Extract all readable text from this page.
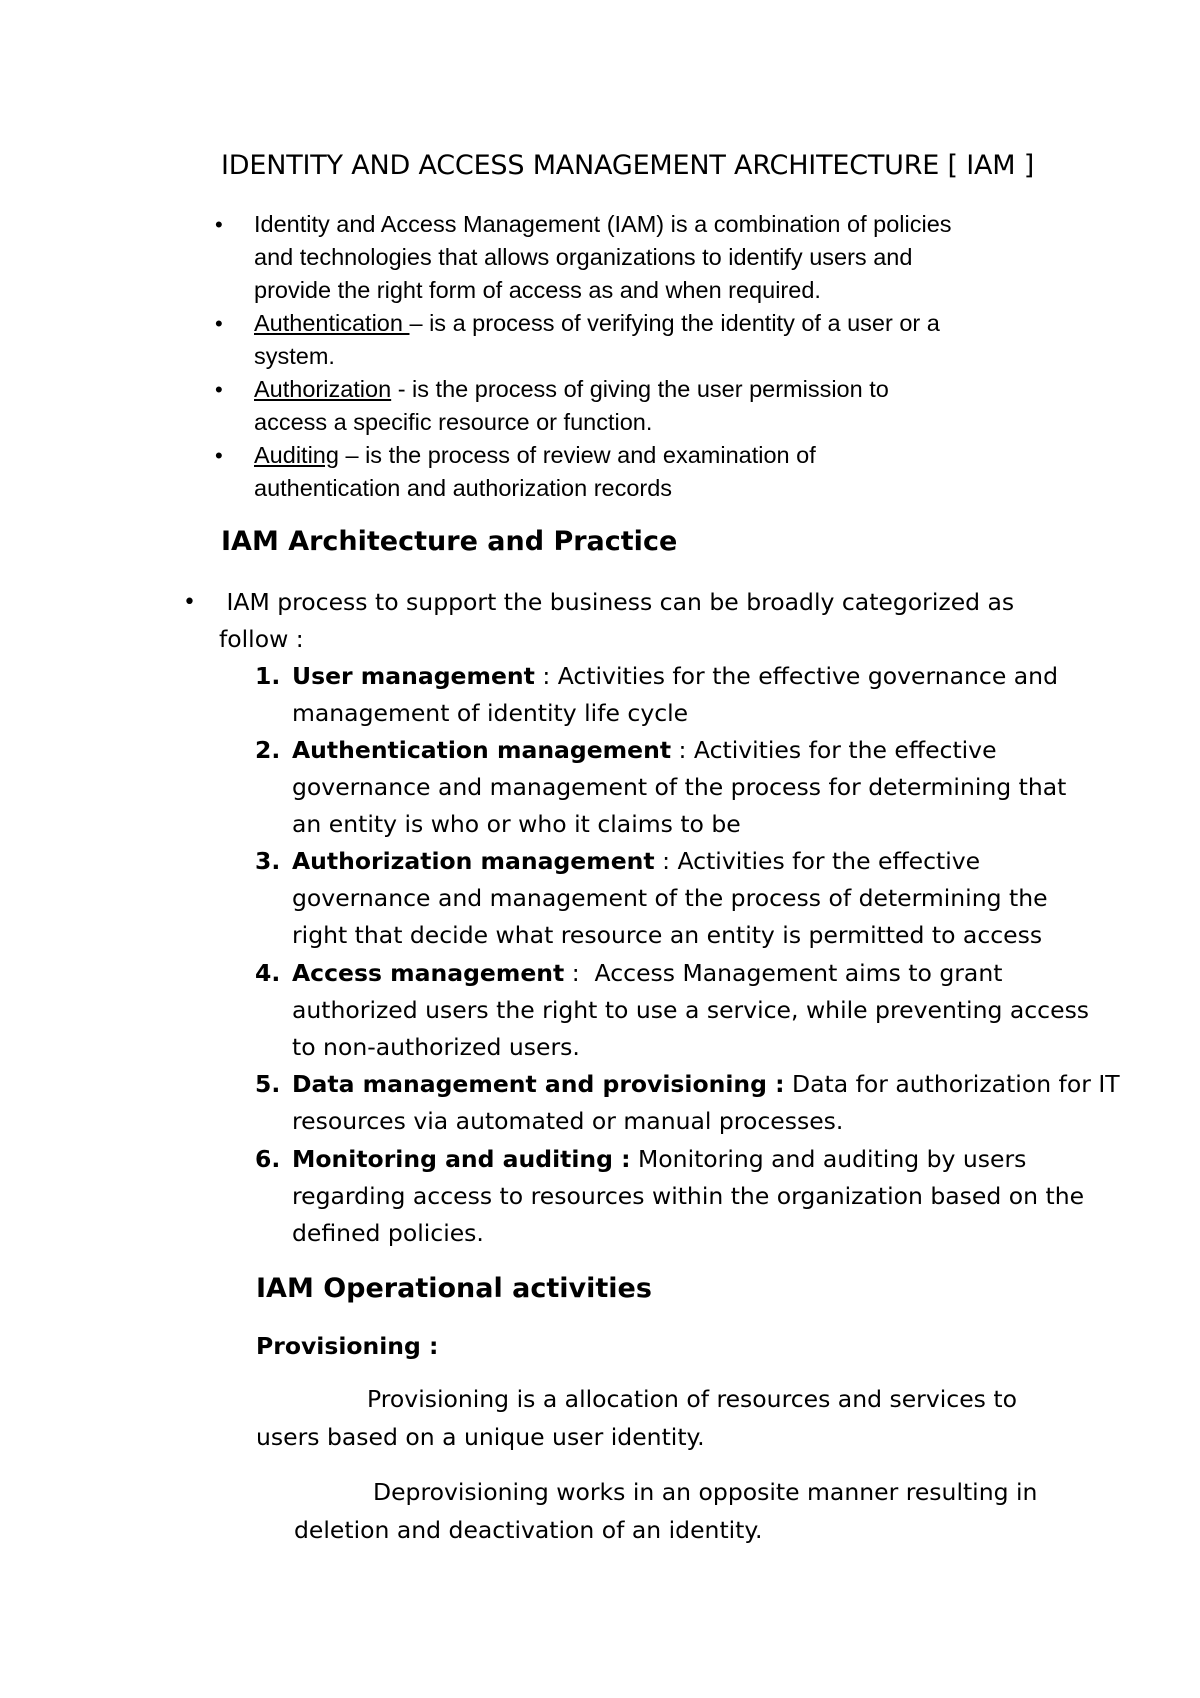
IDENTITY AND ACCESS MANAGEMENT ARCHITECTURE [ IAM ]
•	Identity and Access Management (IAM) is a combination of policies
and technologies that allows organizations to identify users and
provide the right form of access as and when required.
•	Authentication – is a process of verifying the identity of a user or a
system.
•	Authorization - is the process of giving the user permission to
access a specific resource or function.
•	Auditing – is the process of review and examination of
authentication and authorization records
IAM Architecture and Practice
• IAM process to support the business can be broadly categorized as
follow :
1. User management : Activities for the effective governance and
management of identity life cycle
2. Authentication management : Activities for the effective
governance and management of the process for determining that
an entity is who or who it claims to be
3. Authorization management : Activities for the effective
governance and management of the process of determining the
right that decide what resource an entity is permitted to access
4. Access management :  Access Management aims to grant
authorized users the right to use a service, while preventing access
to non-authorized users.
5. Data management and provisioning : Data for authorization for IT
resources via automated or manual processes.
6. Monitoring and auditing : Monitoring and auditing by users
regarding access to resources within the organization based on the
defined policies.
IAM Operational activities
Provisioning :
Provisioning is a allocation of resources and services to
users based on a unique user identity.
Deprovisioning works in an opposite manner resulting in
deletion and deactivation of an identity.
